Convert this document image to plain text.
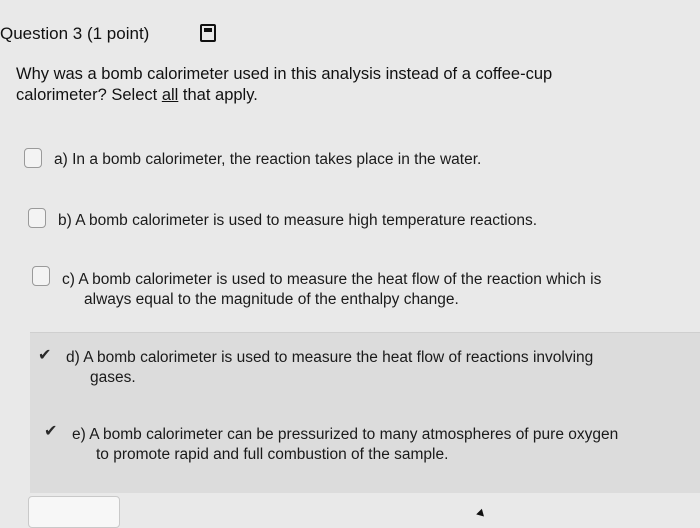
Question 3 (1 point)
Why was a bomb calorimeter used in this analysis instead of a coffee-cup
calorimeter? Select all that apply.
a) In a bomb calorimeter, the reaction takes place in the water.
b) A bomb calorimeter is used to measure high temperature reactions.
c) A bomb calorimeter is used to measure the heat flow of the reaction which is
always equal to the magnitude of the enthalpy change.
✔ d) A bomb calorimeter is used to measure the heat flow of reactions involving
gases.
✔ e) A bomb calorimeter can be pressurized to many atmospheres of pure oxygen
to promote rapid and full combustion of the sample.
